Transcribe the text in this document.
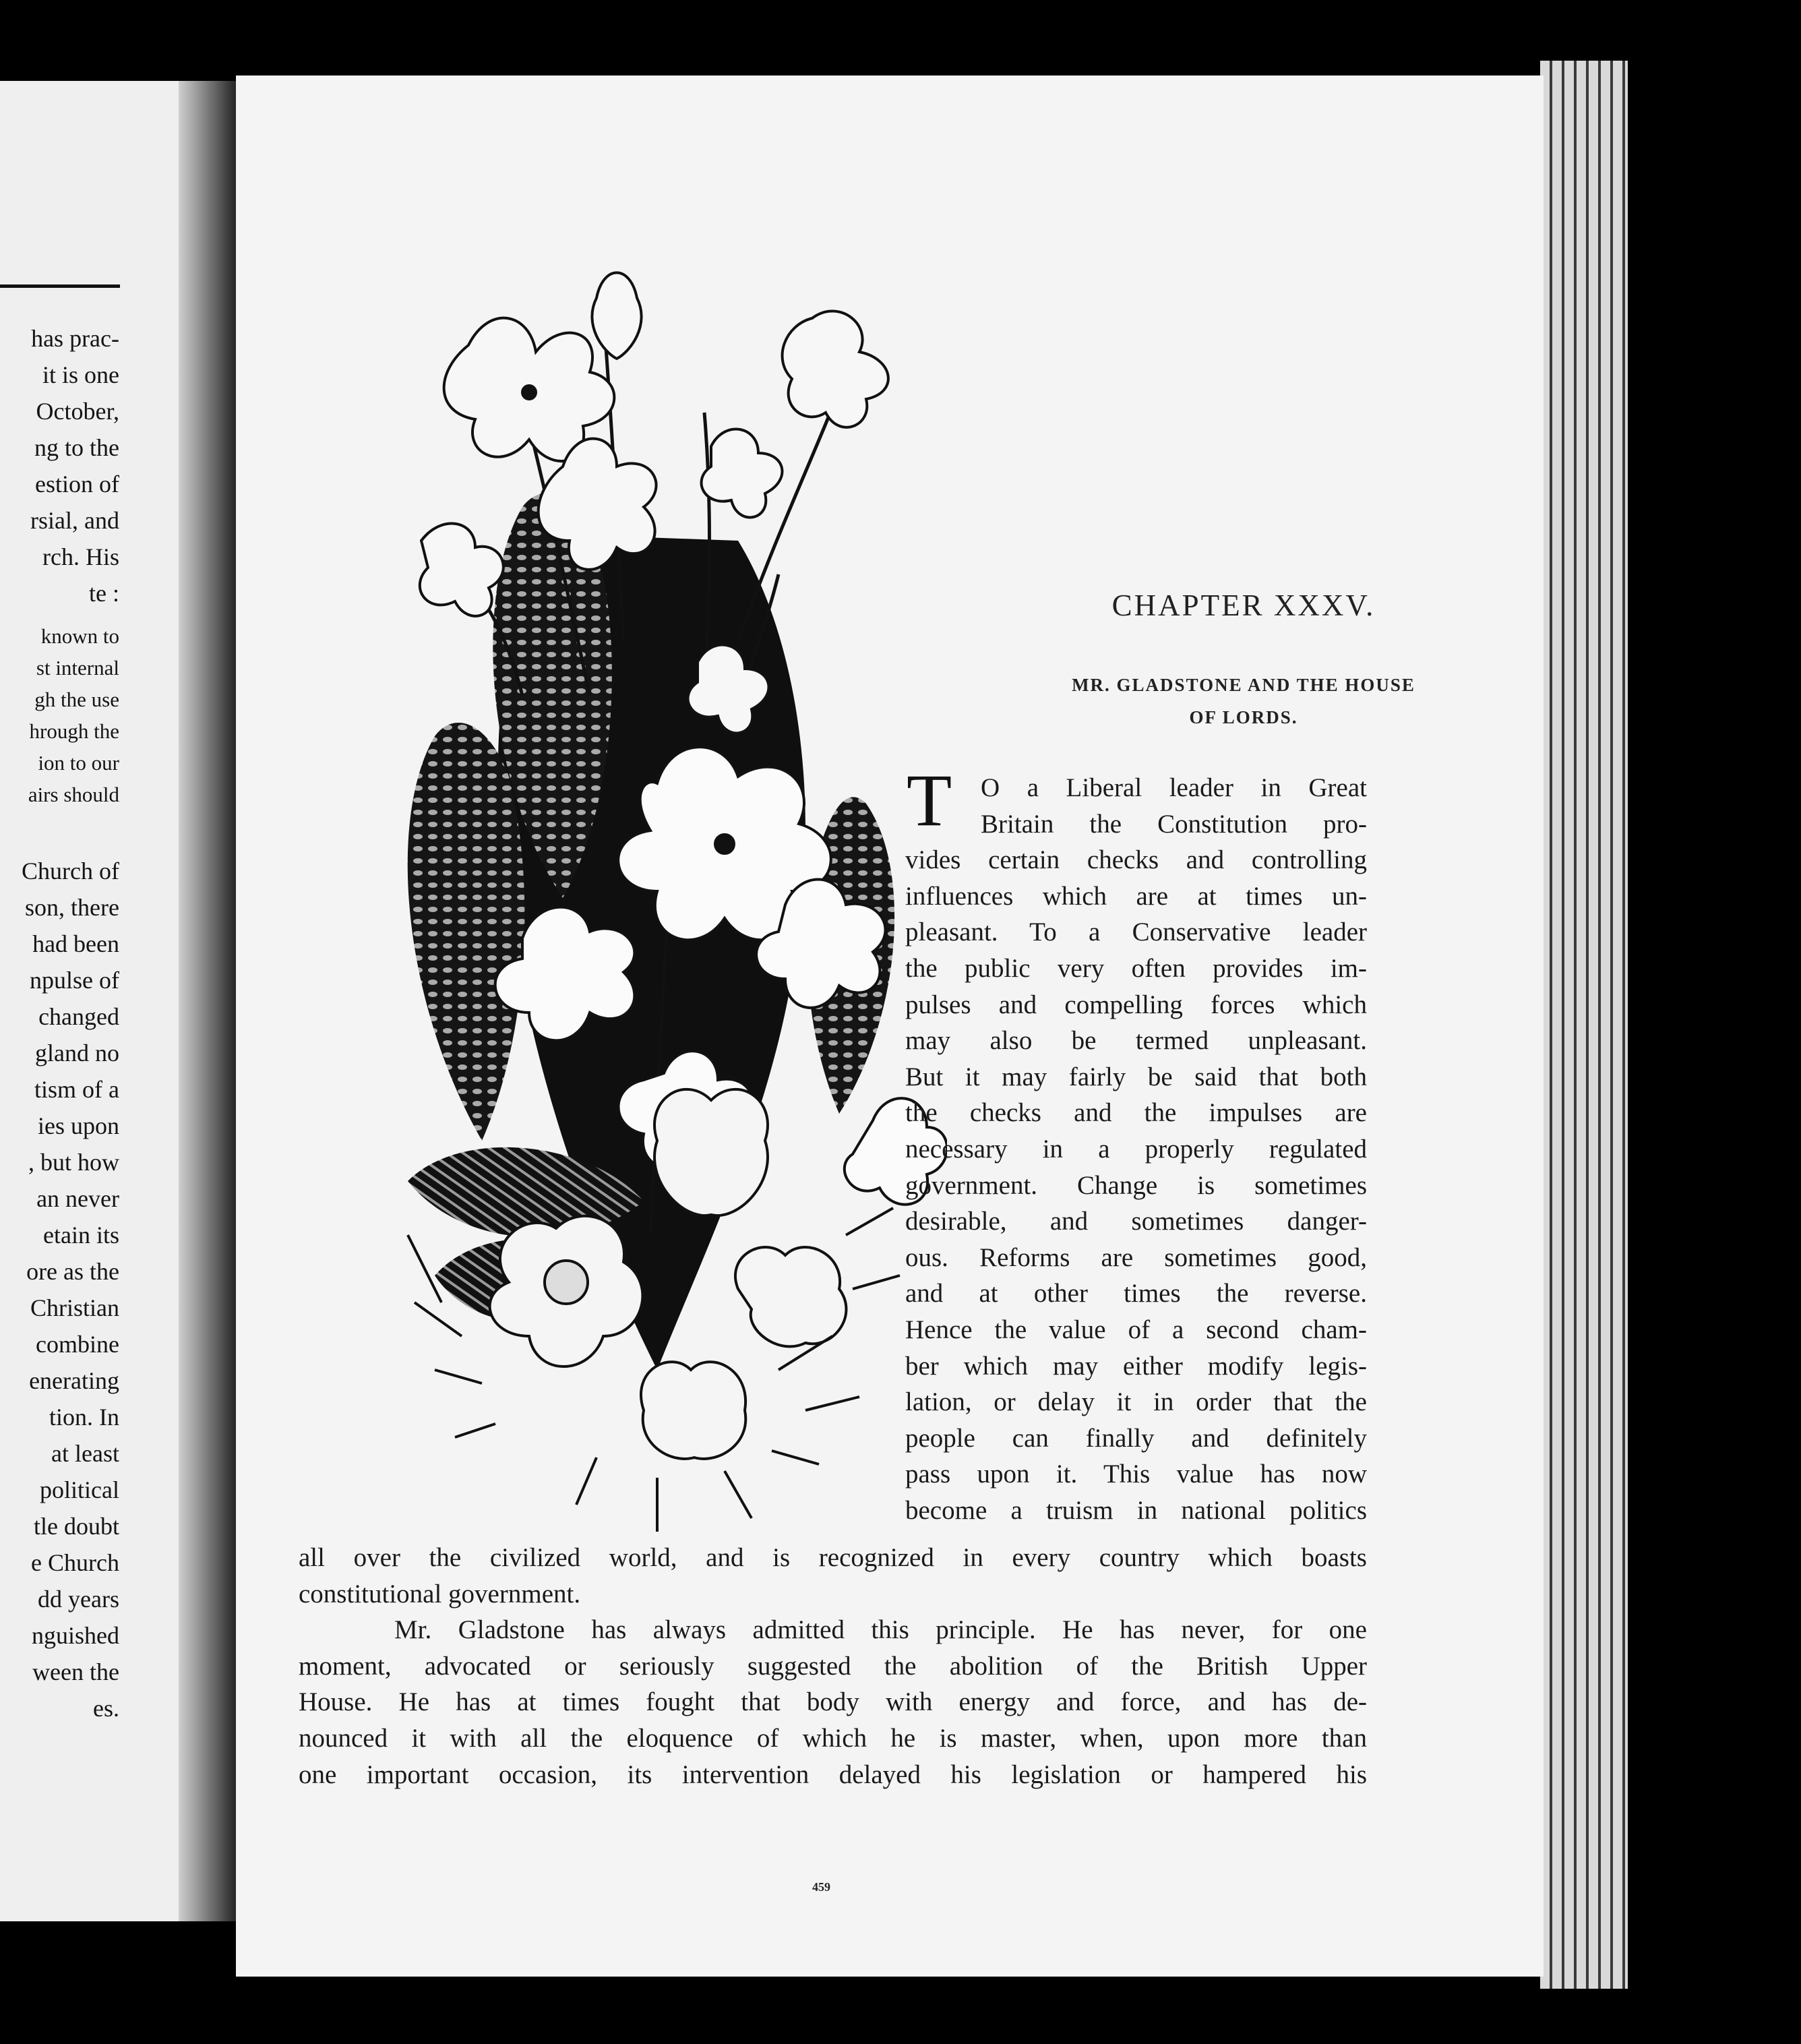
has prac-
it is one
October,
ng to the
estion of
rsial, and
rch. His
te :
known to
st internal
gh the use
hrough the
ion to our
airs should
Church of
son, there
had been
npulse of
changed
gland no
tism of a
ies upon
, but how
an never
etain its
ore as the
Christian
combine
enerating
tion. In
at least
political
tle doubt
e Church
dd years
nguished
ween the
es.
CHAPTER XXXV.
MR. GLADSTONE AND THE HOUSE
OF LORDS.
T	O a Liberal leader in Great
Britain the Constitution pro-
vides certain checks and controlling
influences which are at times un-
pleasant. To a Conservative leader
the public very often provides im-
pulses and compelling forces which
may also be termed unpleasant.
But it may fairly be said that both
the checks and the impulses are
necessary in a properly regulated
government. Change is sometimes
desirable, and sometimes danger-
ous. Reforms are sometimes good,
and at other times the reverse.
Hence the value of a second cham-
ber which may either modify legis-
lation, or delay it in order that the
people can finally and definitely
pass upon it. This value has now
become a truism in national politics
all over the civilized world, and is recognized in every country which boasts
constitutional government.
Mr. Gladstone has always admitted this principle. He has never, for one
moment, advocated or seriously suggested the abolition of the British Upper
House. He has at times fought that body with energy and force, and has de-
nounced it with all the eloquence of which he is master, when, upon more than
one important occasion, its intervention delayed his legislation or hampered his
459
